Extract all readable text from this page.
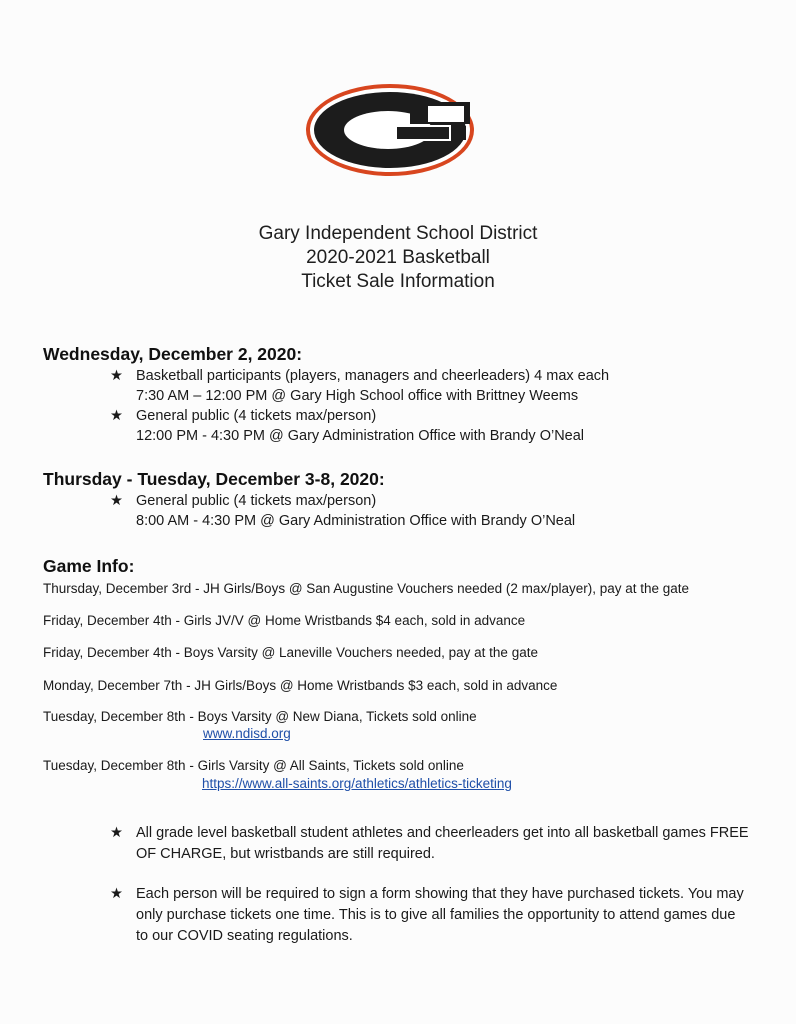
Gary Independent School District
2020-2021 Basketball
Ticket Sale Information
Wednesday, December 2, 2020:
★ Basketball participants (players, managers and cheerleaders) 4 max each
7:30 AM – 12:00 PM @ Gary High School office with Brittney Weems
★ General public (4 tickets max/person)
12:00 PM - 4:30 PM @ Gary Administration Office with Brandy O’Neal
Thursday - Tuesday, December 3-8, 2020:
★ General public (4 tickets max/person)
8:00 AM - 4:30 PM @ Gary Administration Office with Brandy O’Neal
Game Info:
Thursday, December 3rd - JH Girls/Boys @ San Augustine Vouchers needed (2 max/player), pay at the gate
Friday, December 4th - Girls JV/V @ Home Wristbands $4 each, sold in advance
Friday, December 4th - Boys Varsity @ Laneville Vouchers needed, pay at the gate
Monday, December 7th - JH Girls/Boys @ Home Wristbands $3 each, sold in advance
Tuesday, December 8th - Boys Varsity @ New Diana, Tickets sold online
www.ndisd.org
Tuesday, December 8th - Girls Varsity @ All Saints, Tickets sold online
https://www.all-saints.org/athletics/athletics-ticketing
★ All grade level basketball student athletes and cheerleaders get into all basketball games FREE OF CHARGE, but wristbands are still required.
★ Each person will be required to sign a form showing that they have purchased tickets. You may only purchase tickets one time. This is to give all families the opportunity to attend games due to our COVID seating regulations.
